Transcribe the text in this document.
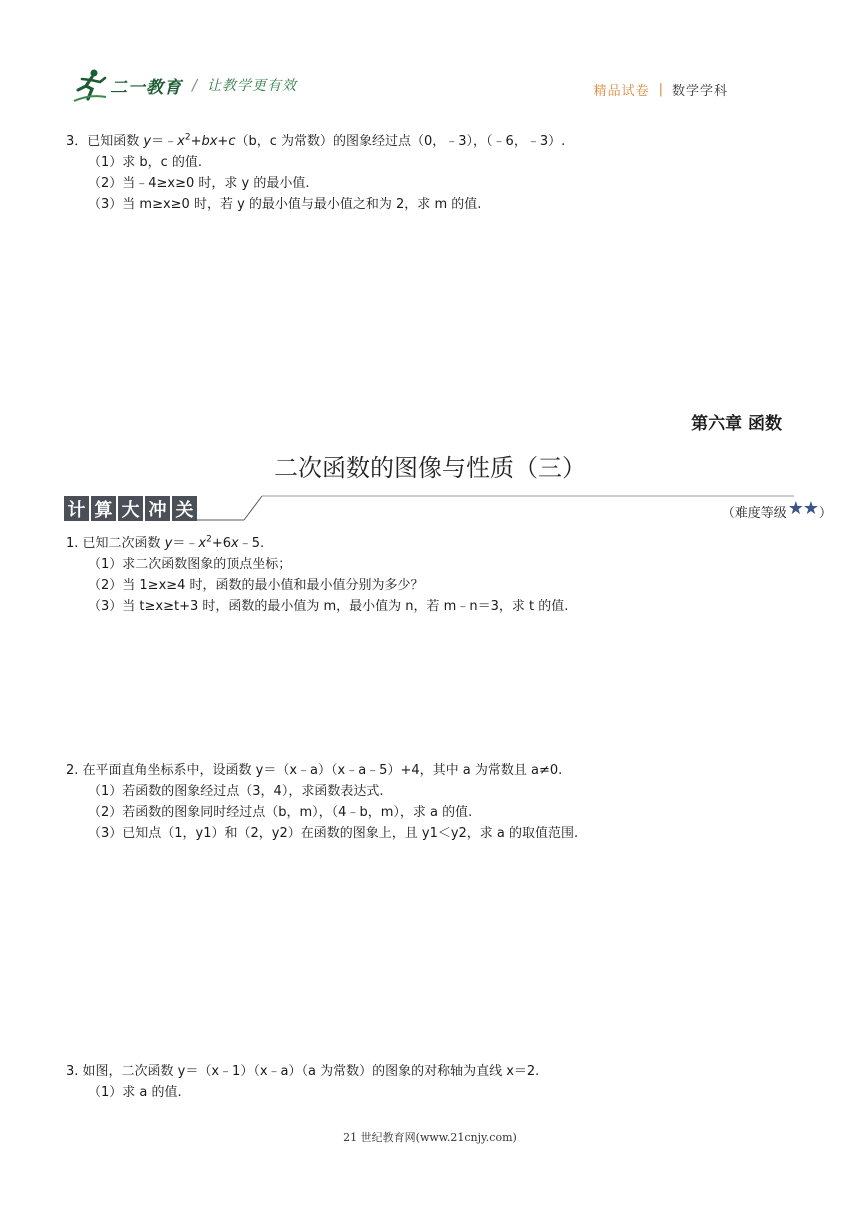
二一教育 / 让教学更有效	精品试卷 | 数学学科

3．已知函数 $y=﹣x^2+bx+c(b$，c 为常数）的图象经过点（0，﹣3），（﹣6，﹣3）.

（1）求 b，c 的值.

（2）当﹣4≥x≥0 时，求 y 的最小值.

（3）当 m≥x≥0 时，若 y 的最小值与最小值之和为 2，求 m 的值.

第六章 函数
二次函数的图像与性质（三）
计 算 大 冲 关	（难度等级 ★★ ）

1. 已知二次函数 $y=﹣x^2+6x﹣5$.

（1）求二次函数图象的顶点坐标；

（2）当 1≥x≥4 时，函数的最小值和最小值分别为多少？

（3）当 t≥x≥t+3 时，函数的最小值为 m，最小值为 n，若 m﹣n＝3，求 t 的值.

2. 在平面直角坐标系中，设函数 y＝（x﹣a）（x﹣a﹣5）+4，其中 a 为常数且 a≠0.

（1）若函数的图象经过点（3，4），求函数表达式.

（2）若函数的图象同时经过点（b，m），（4﹣b，m），求 a 的值.

（3）已知点（1，y1）和（2，y2）在函数的图象上，且 y1＜y2，求 a 的取值范围.

3. 如图，二次函数 y＝（x﹣1）（x﹣a）（a 为常数）的图象的对称轴为直线 x＝2.

（1）求 a 的值.

21 世纪教育网(www.21cnjy.com)
